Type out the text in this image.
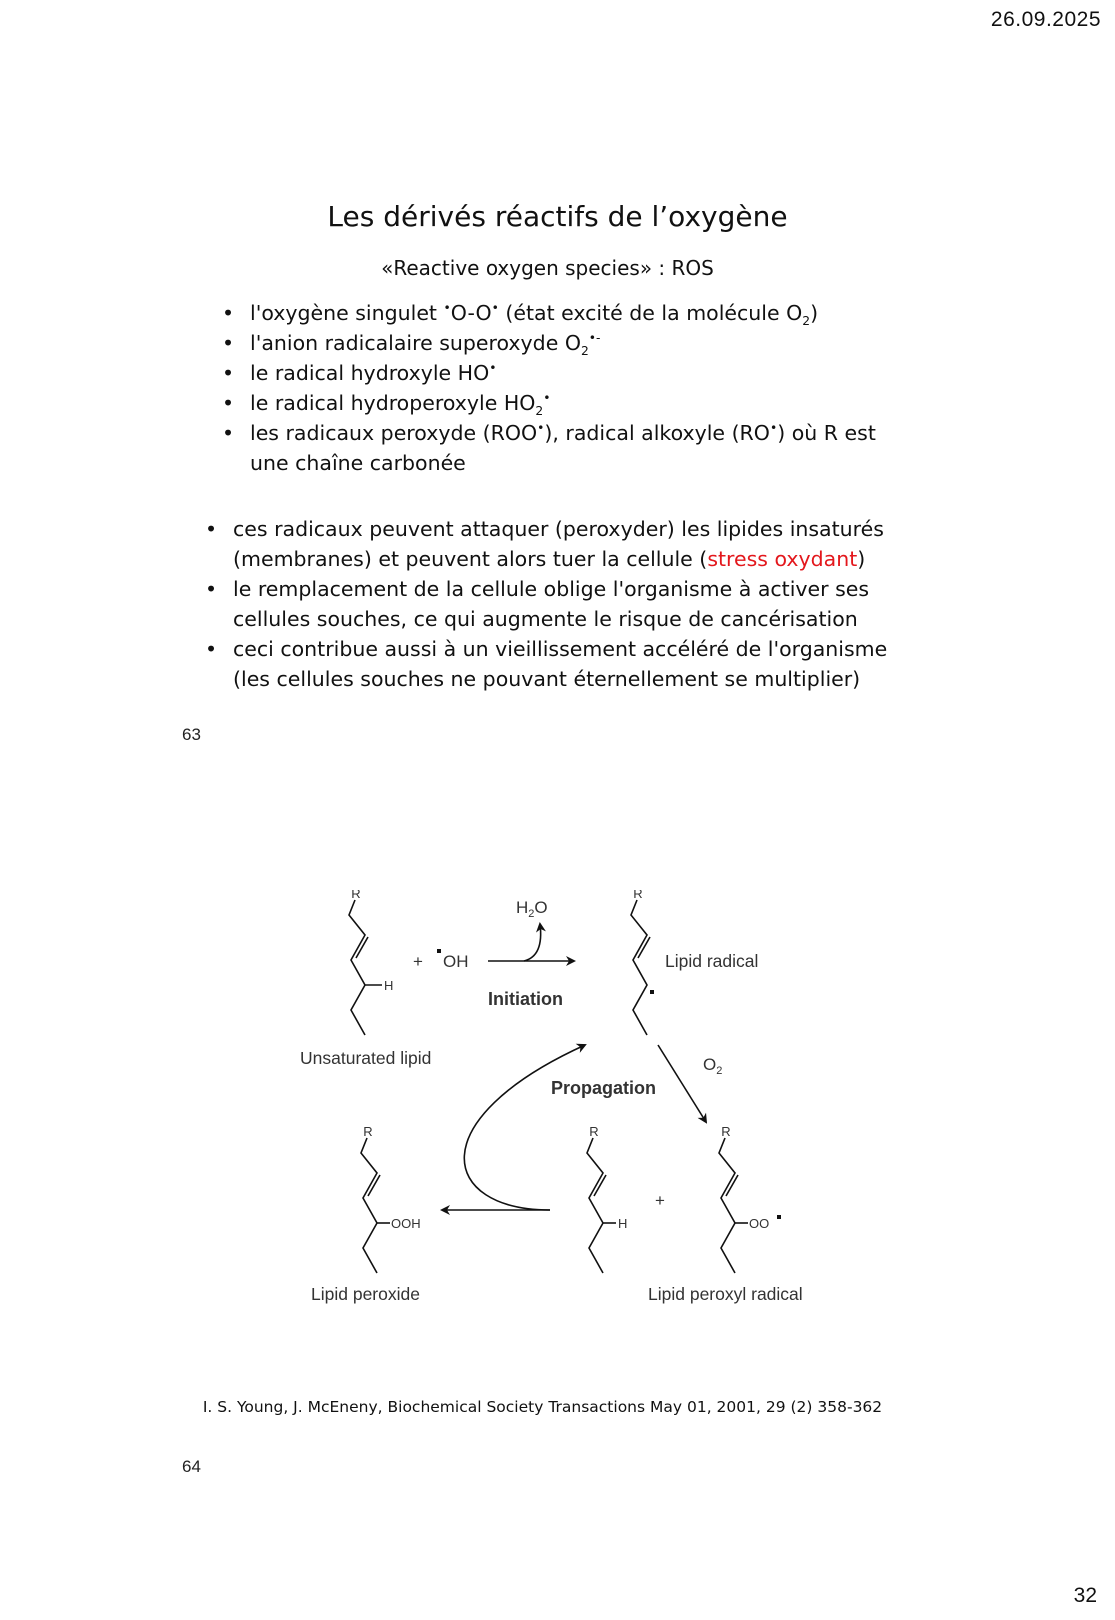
26.09.2025
Les dérivés réactifs de l’oxygène
«Reactive oxygen species» : ROS
• l'oxygène singulet •O-O• (état excité de la molécule $O_2$)
• l'anion radicalaire superoxyde $O_2^{•-}$
• le radical hydroxyle HO•
• le radical hydroperoxyle $HO_2^•$
• les radicaux peroxyde (ROO•), radical alkoxyle (RO•) où R est une chaîne carbonée
• ces radicaux peuvent attaquer (peroxyder) les lipides insaturés (membranes) et peuvent alors tuer la cellule (stress oxydant)
• le remplacement de la cellule oblige l'organisme à activer ses cellules souches, ce qui augmente le risque de cancérisation
• ceci contribue aussi à un vieillissement accéléré de l'organisme (les cellules souches ne pouvant éternellement se multiplier)
63
R
H
+ OH
$H_2O$
Initiation
R
Lipid radical
Unsaturated lipid	$O_2$
Propagation
R
OOH
Lipid peroxide
R
H
+
R
OO
Lipid peroxyl radical
I. S. Young, J. McEneny, Biochemical Society Transactions May 01, 2001, 29 (2) 358-362
64
32
